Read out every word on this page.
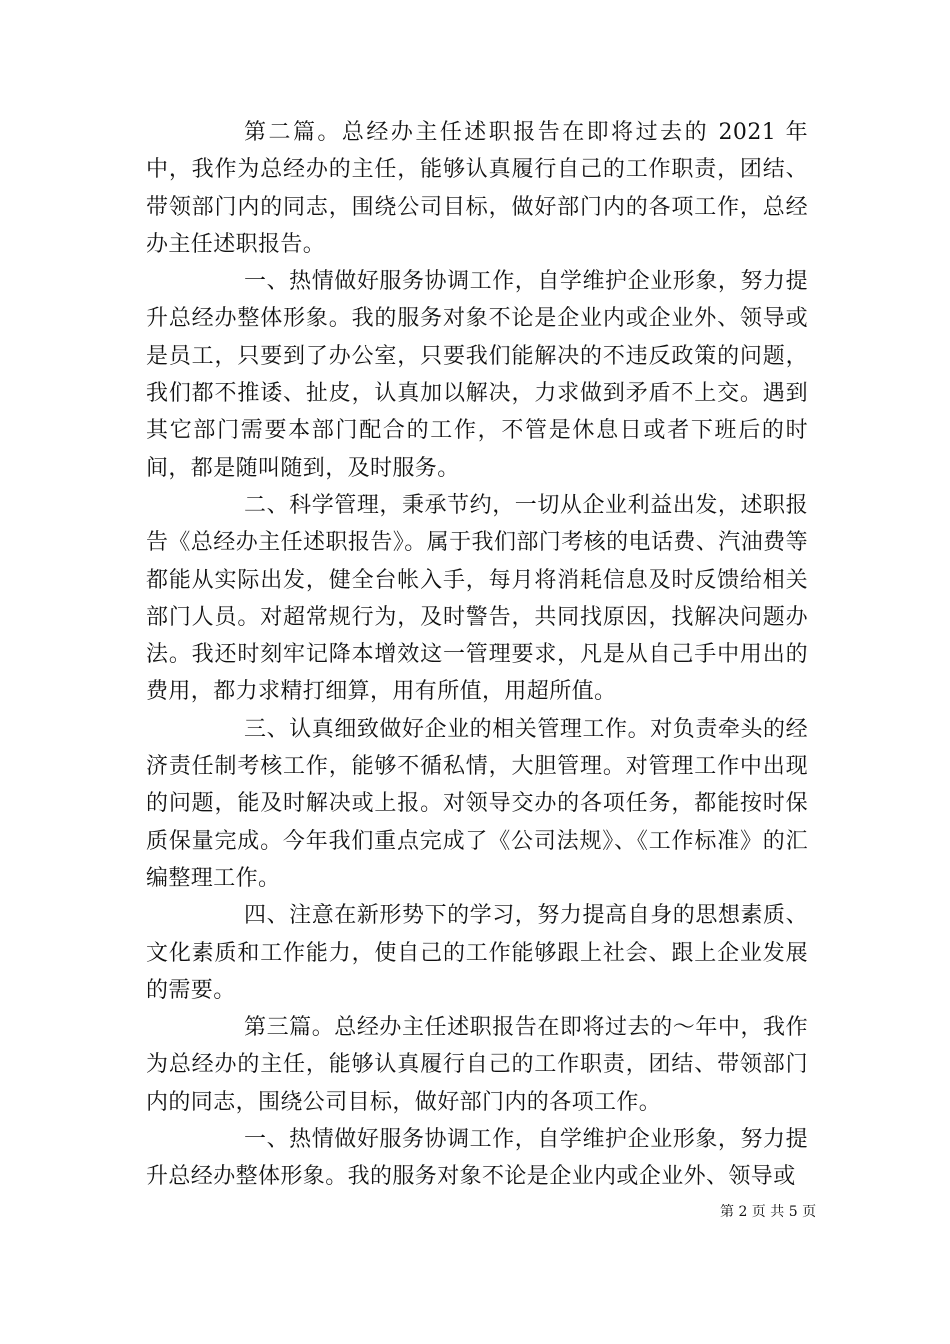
第二篇。总经办主任述职报告在即将过去的 2021 年中，我作为总经办的主任，能够认真履行自己的工作职责，团结、带领部门内的同志，围绕公司目标，做好部门内的各项工作，总经办主任述职报告。

一、热情做好服务协调工作，自学维护企业形象，努力提升总经办整体形象。我的服务对象不论是企业内或企业外、领导或是员工，只要到了办公室，只要我们能解决的不违反政策的问题，我们都不推诿、扯皮，认真加以解决，力求做到矛盾不上交。遇到其它部门需要本部门配合的工作，不管是休息日或者下班后的时间，都是随叫随到，及时服务。

二、科学管理，秉承节约，一切从企业利益出发，述职报告《总经办主任述职报告》。属于我们部门考核的电话费、汽油费等都能从实际出发，健全台帐入手，每月将消耗信息及时反馈给相关部门人员。对超常规行为，及时警告，共同找原因，找解决问题办法。我还时刻牢记降本增效这一管理要求，凡是从自己手中用出的费用，都力求精打细算，用有所值，用超所值。

三、认真细致做好企业的相关管理工作。对负责牵头的经济责任制考核工作，能够不循私情，大胆管理。对管理工作中出现的问题，能及时解决或上报。对领导交办的各项任务，都能按时保质保量完成。今年我们重点完成了《公司法规》、《工作标准》的汇编整理工作。

四、注意在新形势下的学习，努力提高自身的思想素质、文化素质和工作能力，使自己的工作能够跟上社会、跟上企业发展的需要。

第三篇。总经办主任述职报告在即将过去的～年中，我作为总经办的主任，能够认真履行自己的工作职责，团结、带领部门内的同志，围绕公司目标，做好部门内的各项工作。

一、热情做好服务协调工作，自学维护企业形象，努力提升总经办整体形象。我的服务对象不论是企业内或企业外、领导或

第 2 页 共 5 页
